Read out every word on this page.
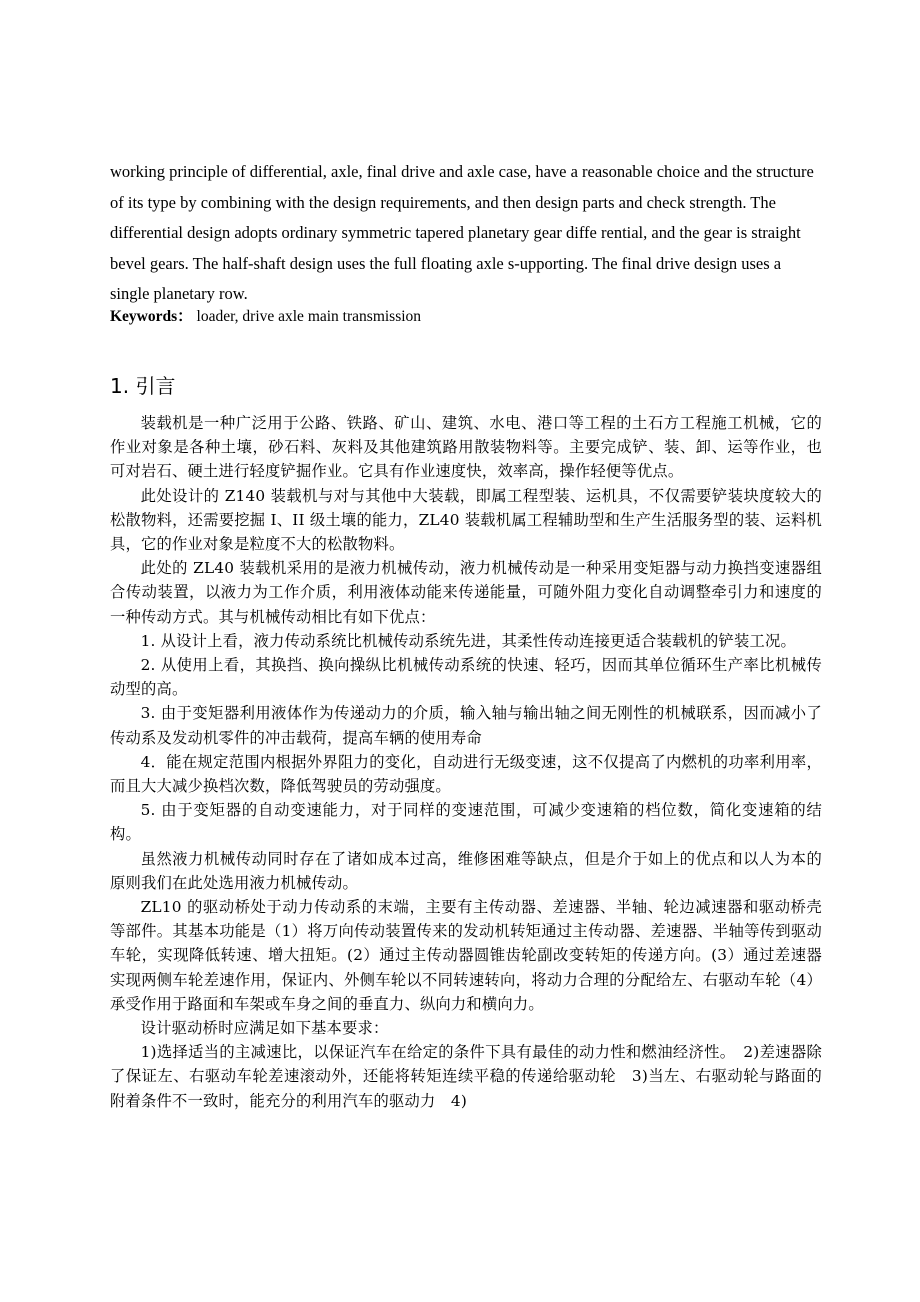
working principle of differential, axle, final drive and axle case, have a reasonable choice and the structure of its type by combining with the design requirements, and then design parts and check strength. The differential design adopts ordinary symmetric tapered planetary gear diffe rential, and the gear is straight bevel gears. The half-shaft design uses the full floating axle s-upporting. The final drive design uses a single planetary row.

Keywords： loader, drive axle main transmission
1. 引言

装载机是一种广泛用于公路、铁路、矿山、建筑、水电、港口等工程的土石方工程施工机械，它的作业对象是各种土壤，砂石料、灰料及其他建筑路用散装物料等。主要完成铲、装、卸、运等作业，也可对岩石、硬土进行轻度铲掘作业。它具有作业速度快，效率高，操作轻便等优点。

此处设计的 Z140 装载机与对与其他中大装载，即属工程型装、运机具，不仅需要铲装块度较大的松散物料，还需要挖掘 I、II 级土壤的能力，ZL40 装载机属工程辅助型和生产生活服务型的装、运料机具，它的作业对象是粒度不大的松散物料。

此处的 ZL40 装载机采用的是液力机械传动，液力机械传动是一种采用变矩器与动力换挡变速器组合传动装置，以液力为工作介质，利用液体动能来传递能量，可随外阻力变化自动调整牵引力和速度的一种传动方式。其与机械传动相比有如下优点：

1. 从设计上看，液力传动系统比机械传动系统先进，其柔性传动连接更适合装载机的铲装工况。

2. 从使用上看，其换挡、换向操纵比机械传动系统的快速、轻巧，因而其单位循环生产率比机械传动型的高。

3. 由于变矩器利用液体作为传递动力的介质，输入轴与输出轴之间无刚性的机械联系，因而减小了传动系及发动机零件的冲击载荷，提高车辆的使用寿命

4．能在规定范围内根据外界阻力的变化，自动进行无级变速，这不仅提高了内燃机的功率利用率，而且大大减少换档次数，降低驾驶员的劳动强度。

5. 由于变矩器的自动变速能力，对于同样的变速范围，可减少变速箱的档位数，简化变速箱的结构。

虽然液力机械传动同时存在了诸如成本过高，维修困难等缺点，但是介于如上的优点和以人为本的原则我们在此处选用液力机械传动。

ZL10 的驱动桥处于动力传动系的末端，主要有主传动器、差速器、半轴、轮边减速器和驱动桥壳等部件。其基本功能是（1）将万向传动装置传来的发动机转矩通过主传动器、差速器、半轴等传到驱动车轮，实现降低转速、增大扭矩。(2）通过主传动器圆锥齿轮副改变转矩的传递方向。(3）通过差速器实现两侧车轮差速作用，保证内、外侧车轮以不同转速转向，将动力合理的分配给左、右驱动车轮（4）承受作用于路面和车架或车身之间的垂直力、纵向力和横向力。

设计驱动桥时应满足如下基本要求：

1)选择适当的主减速比，以保证汽车在给定的条件下具有最佳的动力性和燃油经济性。　2)差速器除了保证左、右驱动车轮差速滚动外，还能将转矩连续平稳的传递给驱动轮　3)当左、右驱动轮与路面的附着条件不一致时，能充分的利用汽车的驱动力　4)
